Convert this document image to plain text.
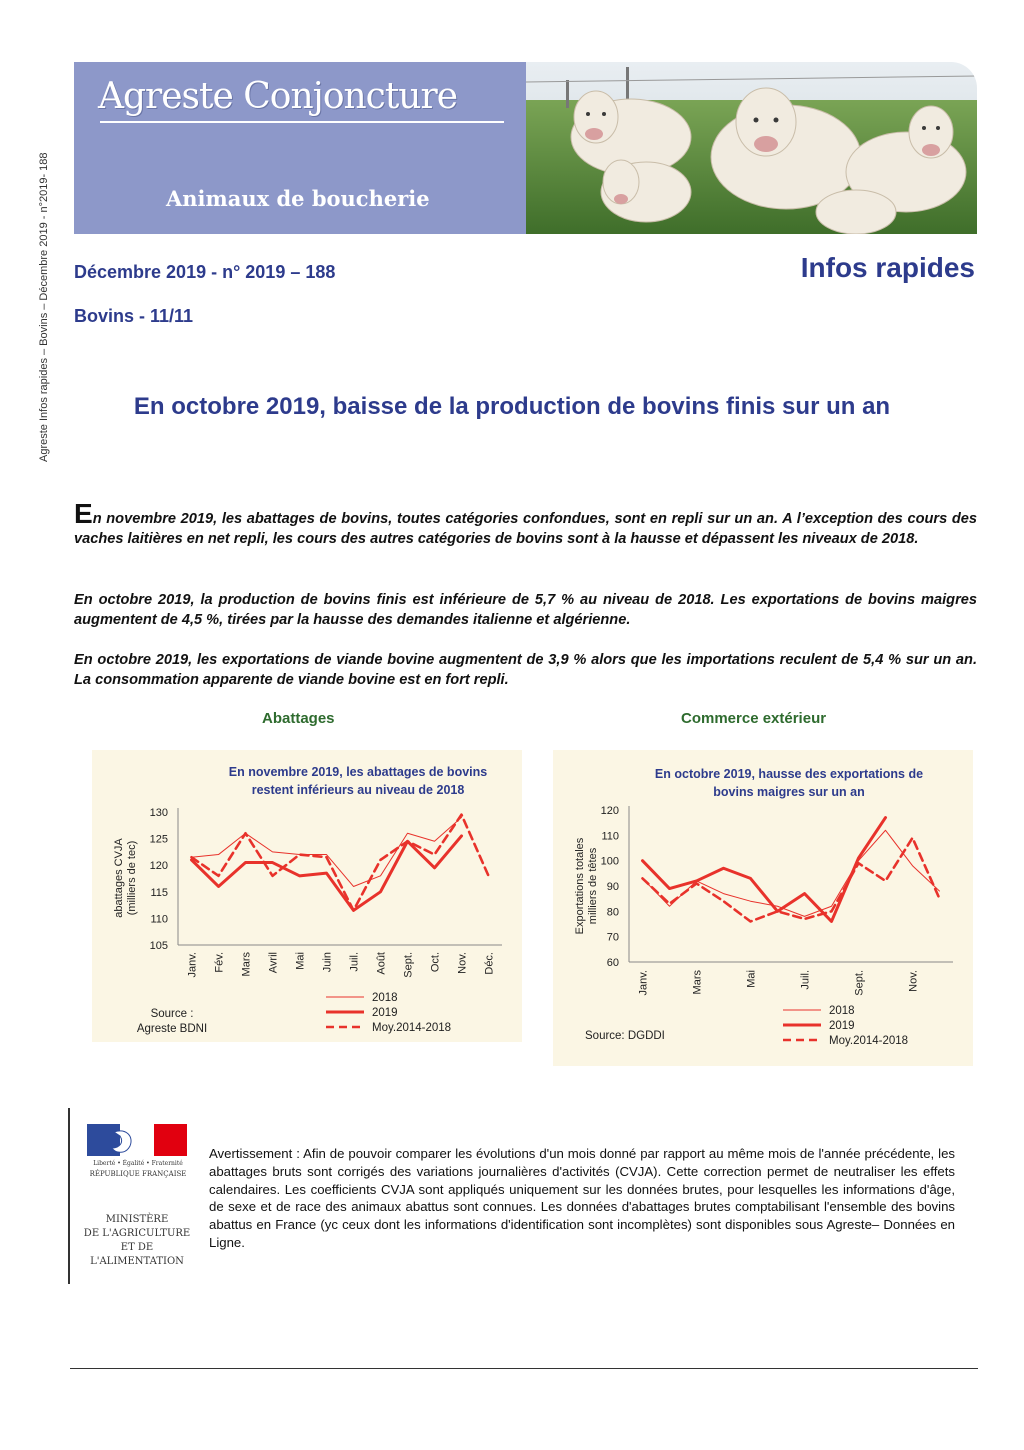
Agreste Infos rapides – Bovins – Décembre 2019 - n°2019- 188
Agreste Conjoncture
Animaux de boucherie
Décembre 2019 - n° 2019 – 188
Bovins - 11/11
Infos rapides
En octobre 2019, baisse de la production de bovins finis sur un an
En novembre 2019, les abattages de bovins, toutes catégories confondues, sont en repli sur un an. A l’exception des cours des vaches laitières en net repli, les cours des autres catégories de bovins sont à la hausse et dépassent les niveaux de 2018.
En octobre 2019, la production de bovins finis est inférieure de 5,7 % au niveau de 2018. Les exportations de bovins maigres augmentent de 4,5 %, tirées par la hausse des demandes italienne et algérienne.
En octobre 2019, les exportations de viande bovine augmentent de 3,9 % alors que les importations reculent de 5,4 % sur un an. La consommation apparente de viande bovine est en fort repli.
Abattages	Commerce extérieur
En novembre 2019, les abattages de bovins
restent inférieurs au niveau de 2018
abattages CVJA (milliers de tec)
105
110
115
120
125
130
Janv. Fév. Mars Avril Mai Juin Juil. Août Sept. Oct. Nov. Déc.
2018
2019
Moy.2014-2018
Source :
Agreste BDNI
En octobre 2019, hausse des exportations de
bovins maigres sur un an
Exportations totales milliers de têtes
60
70
80
90
100
110
120
Janv.	Mars	Mai	Juil.	Sept.	Nov.
2018
2019
Moy.2014-2018
Source: DGDDI
Liberté • Égalité • Fraternité
RÉPUBLIQUE FRANÇAISE
MINISTÈRE
DE L'AGRICULTURE
ET DE
L'ALIMENTATION
Avertissement : Afin de pouvoir comparer les évolutions d'un mois donné par rapport au même mois de l'année précédente, les abattages bruts sont corrigés des variations journalières d'activités (CVJA). Cette correction permet de neutraliser les effets calendaires. Les coefficients CVJA sont appliqués uniquement sur les données brutes, pour lesquelles les informations d'âge, de sexe et de race des animaux abattus sont connues. Les données d'abattages brutes comptabilisant l'ensemble des bovins abattus en France (yc ceux dont les informations d'identification sont incomplètes) sont disponibles sous Agreste– Données en Ligne.
